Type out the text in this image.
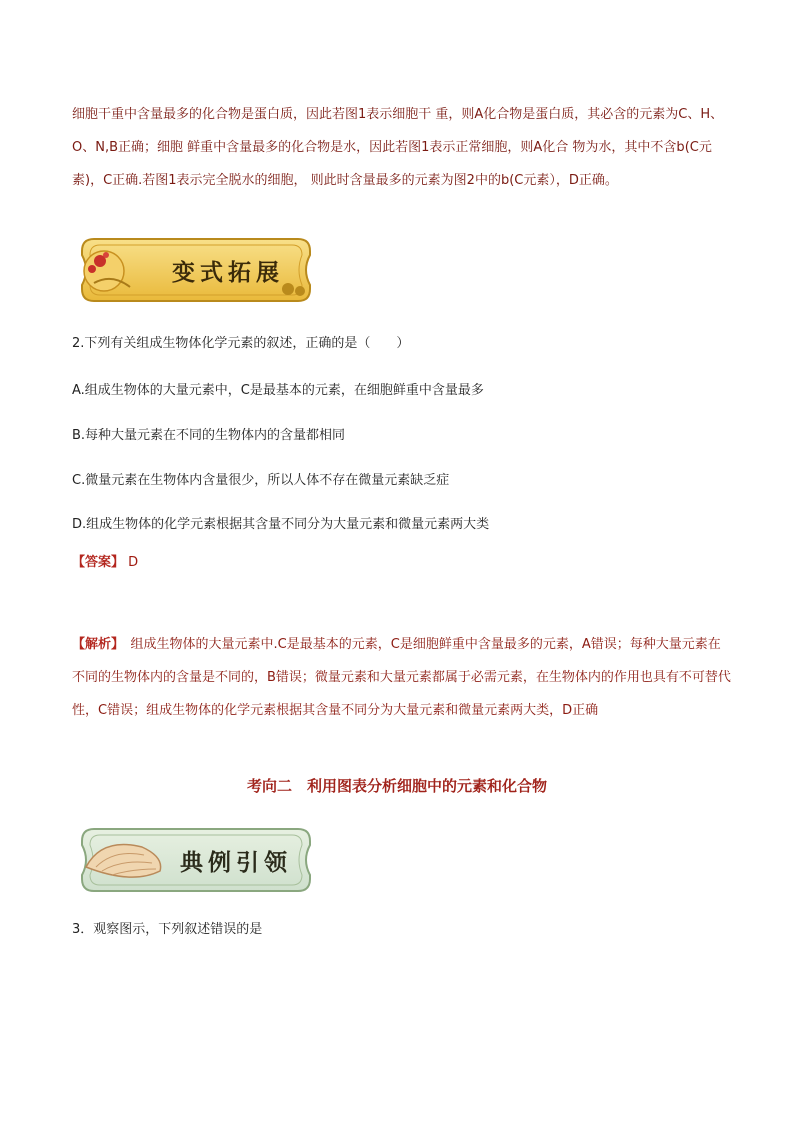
细胞干重中含量最多的化合物是蛋白质，因此若图1表示细胞干 重，则A化合物是蛋白质，其必含的元素为C、H、O、N,B正确；细胞 鲜重中含量最多的化合物是水，因此若图1表示正常细胞，则A化合 物为水，其中不含b(C元素)，C正确.若图1表示完全脱水的细胞， 则此时含量最多的元素为图2中的b(C元素），D正确。
变式拓展
2.下列有关组成生物体化学元素的叙述，正确的是（　　）
A.组成生物体的大量元素中，C是最基本的元素，在细胞鲜重中含量最多
B.每种大量元素在不同的生物体内的含量都相同
C.微量元素在生物体内含量很少，所以人体不存在微量元素缺乏症
D.组成生物体的化学元素根据其含量不同分为大量元素和微量元素两大类
【答案】 D
【解析】　 组成生物体的大量元素中.C是最基本的元素，C是细胞鲜重中含量最多的元素，A错误；每种大量元素在不同的生物体内的含量是不同的，B错误；微量元素和大量元素都属于必需元素，在生物体内的作用也具有不可替代性，C错误；组成生物体的化学元素根据其含量不同分为大量元素和微量元素两大类，D正确
考向二　利用图表分析细胞中的元素和化合物
典例引领
3．观察图示，下列叙述错误的是
